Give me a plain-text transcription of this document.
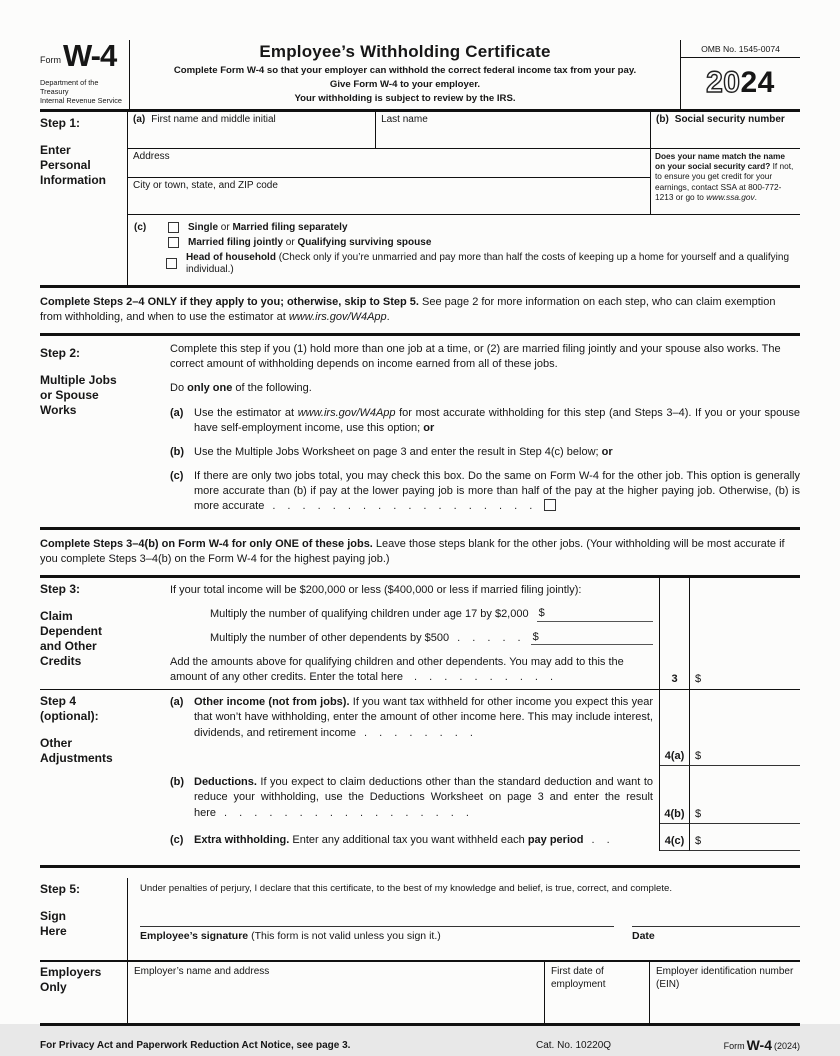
Form W-4
Department of the Treasury
Internal Revenue Service
Employee’s Withholding Certificate
Complete Form W-4 so that your employer can withhold the correct federal income tax from your pay.
Give Form W-4 to your employer.
Your withholding is subject to review by the IRS.
OMB No. 1545-0074
20 24
Step 1:
Enter
Personal
Information
(a) First name and middle initial	Last name	(b) Social security number
Address
City or town, state, and ZIP code
Does your name match the name on your social security card? If not, to ensure you get credit for your earnings, contact SSA at 800-772-1213 or go to www.ssa.gov.
(c)	Single or Married filing separately
Married filing jointly or Qualifying surviving spouse
Head of household (Check only if you’re unmarried and pay more than half the costs of keeping up a home for yourself and a qualifying individual.)
Complete Steps 2–4 ONLY if they apply to you; otherwise, skip to Step 5. See page 2 for more information on each step, who can claim exemption from withholding, and when to use the estimator at www.irs.gov/W4App.
Step 2:
Multiple Jobs
or Spouse
Works

Complete this step if you (1) hold more than one job at a time, or (2) are married filing jointly and your spouse also works. The correct amount of withholding depends on income earned from all of these jobs.

Do only one of the following.

(a) Use the estimator at www.irs.gov/W4App for most accurate withholding for this step (and Steps 3–4). If you or your spouse have self-employment income, use this option; or
(b) Use the Multiple Jobs Worksheet on page 3 and enter the result in Step 4(c) below; or
(c) If there are only two jobs total, you may check this box. Do the same on Form W-4 for the other job. This option is generally more accurate than (b) if pay at the lower paying job is more than half of the pay at the higher paying job. Otherwise, (b) is more accurate . . . . . . . . . . . . . . . . . .
Complete Steps 3–4(b) on Form W-4 for only ONE of these jobs. Leave those steps blank for the other jobs. (Your withholding will be most accurate if you complete Steps 3–4(b) on the Form W-4 for the highest paying job.)
Step 3:
Claim
Dependent
and Other
Credits
If your total income will be $200,000 or less ($400,000 or less if married filing jointly):
Multiply the number of qualifying children under age 17 by $2,000 $
Multiply the number of other dependents by $500 . . . . . $
Add the amounts above for qualifying children and other dependents. You may add to this the amount of any other credits. Enter the total here . . . . . . . . . .	3	$
Step 4
(optional):
Other
Adjustments
(a) Other income (not from jobs). If you want tax withheld for other income you expect this year that won’t have withholding, enter the amount of other income here. This may include interest, dividends, and retirement income . . . . . . . .
4(a) $
(b) Deductions. If you expect to claim deductions other than the standard deduction and want to reduce your withholding, use the Deductions Worksheet on page 3 and enter the result here . . . . . . . . . . . . . . . . .	4(b) $
(c) Extra withholding. Enter any additional tax you want withheld each pay period . .	4(c) $
Step 5:
Sign
Here
Under penalties of perjury, I declare that this certificate, to the best of my knowledge and belief, is true, correct, and complete.
Employee’s signature (This form is not valid unless you sign it.)	Date
Employers
Only
Employer’s name and address	First date of employment
Employer identification number (EIN)
For Privacy Act and Paperwork Reduction Act Notice, see page 3.	Cat. No. 10220Q	Form W-4 (2024)
